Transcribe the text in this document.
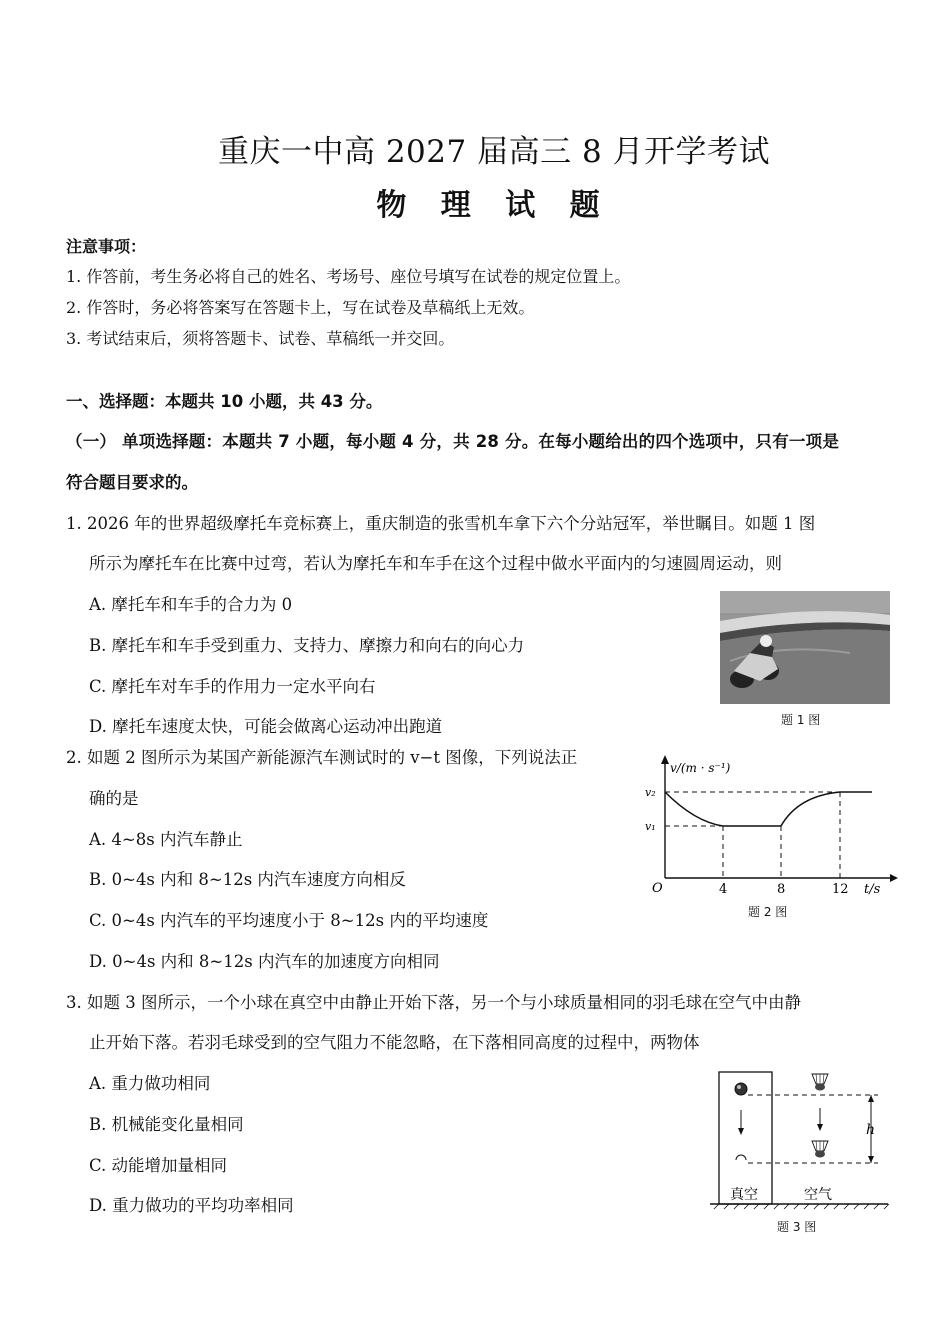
重庆一中高 2027 届高三 8 月开学考试
物 理 试 题
注意事项：
1. 作答前，考生务必将自己的姓名、考场号、座位号填写在试卷的规定位置上。
2. 作答时，务必将答案写在答题卡上，写在试卷及草稿纸上无效。
3. 考试结束后，须将答题卡、试卷、草稿纸一并交回。
一、选择题：本题共 10 小题，共 43 分。
（一） 单项选择题：本题共 7 小题，每小题 4 分，共 28 分。在每小题给出的四个选项中，只有一项是
符合题目要求的。
1. 2026 年的世界超级摩托车竞标赛上，重庆制造的张雪机车拿下六个分站冠军，举世瞩目。如题 1 图
所示为摩托车在比赛中过弯，若认为摩托车和车手在这个过程中做水平面内的匀速圆周运动，则
A. 摩托车和车手的合力为 0
B. 摩托车和车手受到重力、支持力、摩擦力和向右的向心力
C. 摩托车对车手的作用力一定水平向右
D. 摩托车速度太快，可能会做离心运动冲出跑道	题 1 图
2. 如题 2 图所示为某国产新能源汽车测试时的 v−t 图像，下列说法正
确的是
A. 4~8s 内汽车静止
B. 0~4s 内和 8~12s 内汽车速度方向相反
C. 0~4s 内汽车的平均速度小于 8~12s 内的平均速度
D. 0~4s 内和 8~12s 内汽车的加速度方向相同
v/(m · s⁻¹)
v₂
v₁
O	4	8	12 t/s
题 2 图
3. 如题 3 图所示，一个小球在真空中由静止开始下落，另一个与小球质量相同的羽毛球在空气中由静
止开始下落。若羽毛球受到的空气阻力不能忽略，在下落相同高度的过程中，两物体
A. 重力做功相同
B. 机械能变化量相同
C. 动能增加量相同
D. 重力做功的平均功率相同
h
真空	空气
题 3 图
